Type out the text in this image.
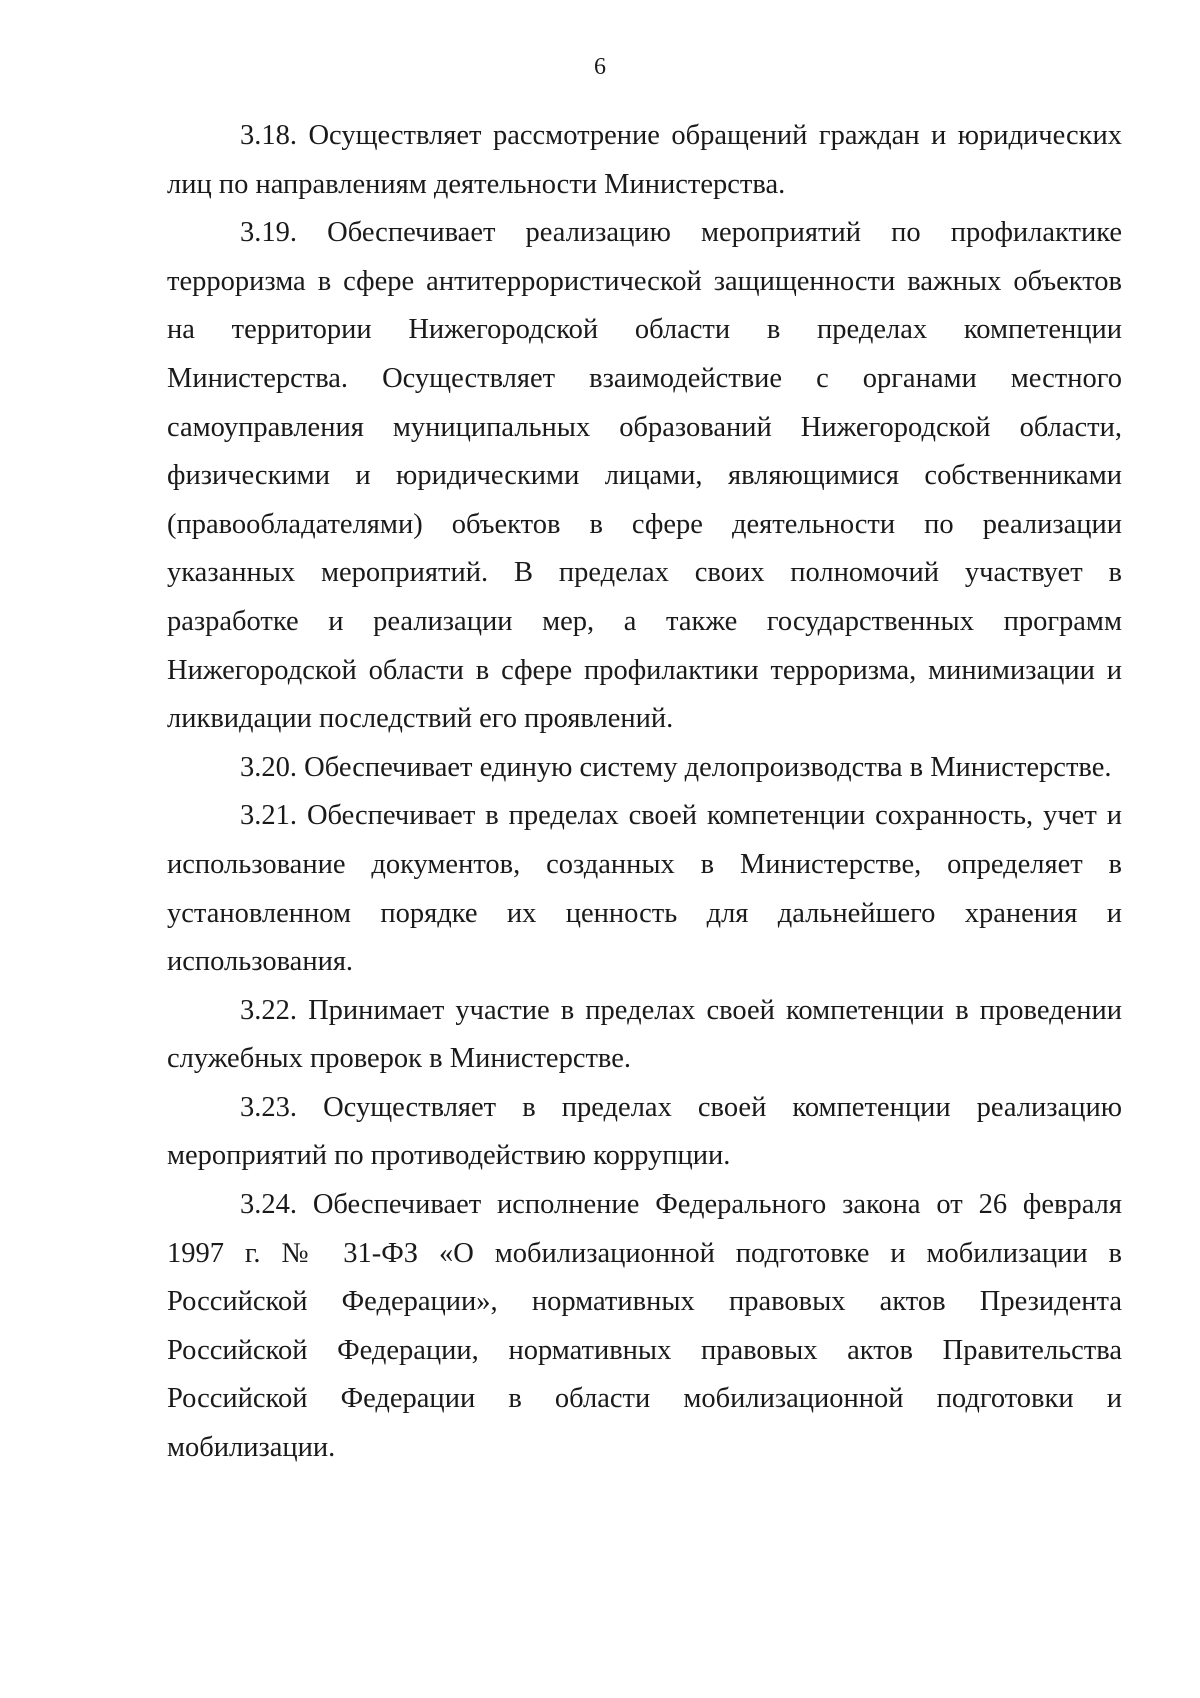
6

3.18. Осуществляет рассмотрение обращений граждан и юридических лиц по направлениям деятельности Министерства.

3.19. Обеспечивает реализацию мероприятий по профилактике терроризма в сфере антитеррористической защищенности важных объектов на территории Нижегородской области в пределах компетенции Министерства. Осуществляет взаимодействие с органами местного самоуправления муниципальных образований Нижегородской области, физическими и юридическими лицами, являющимися собственниками (правообладателями) объектов в сфере деятельности по реализации указанных мероприятий. В пределах своих полномочий участвует в разработке и реализации мер, а также государственных программ Нижегородской области в сфере профилактики терроризма, минимизации и ликвидации последствий его проявлений.

3.20. Обеспечивает единую систему делопроизводства в Министерстве.

3.21. Обеспечивает в пределах своей компетенции сохранность, учет и использование документов, созданных в Министерстве, определяет в установленном порядке их ценность для дальнейшего хранения и использования.

3.22. Принимает участие в пределах своей компетенции в проведении служебных проверок в Министерстве.

3.23. Осуществляет в пределах своей компетенции реализацию мероприятий по противодействию коррупции.

3.24. Обеспечивает исполнение Федерального закона от 26 февраля 1997 г. № 31-ФЗ «О мобилизационной подготовке и мобилизации в Российской Федерации», нормативных правовых актов Президента Российской Федерации, нормативных правовых актов Правительства Российской Федерации в области мобилизационной подготовки и мобилизации.
